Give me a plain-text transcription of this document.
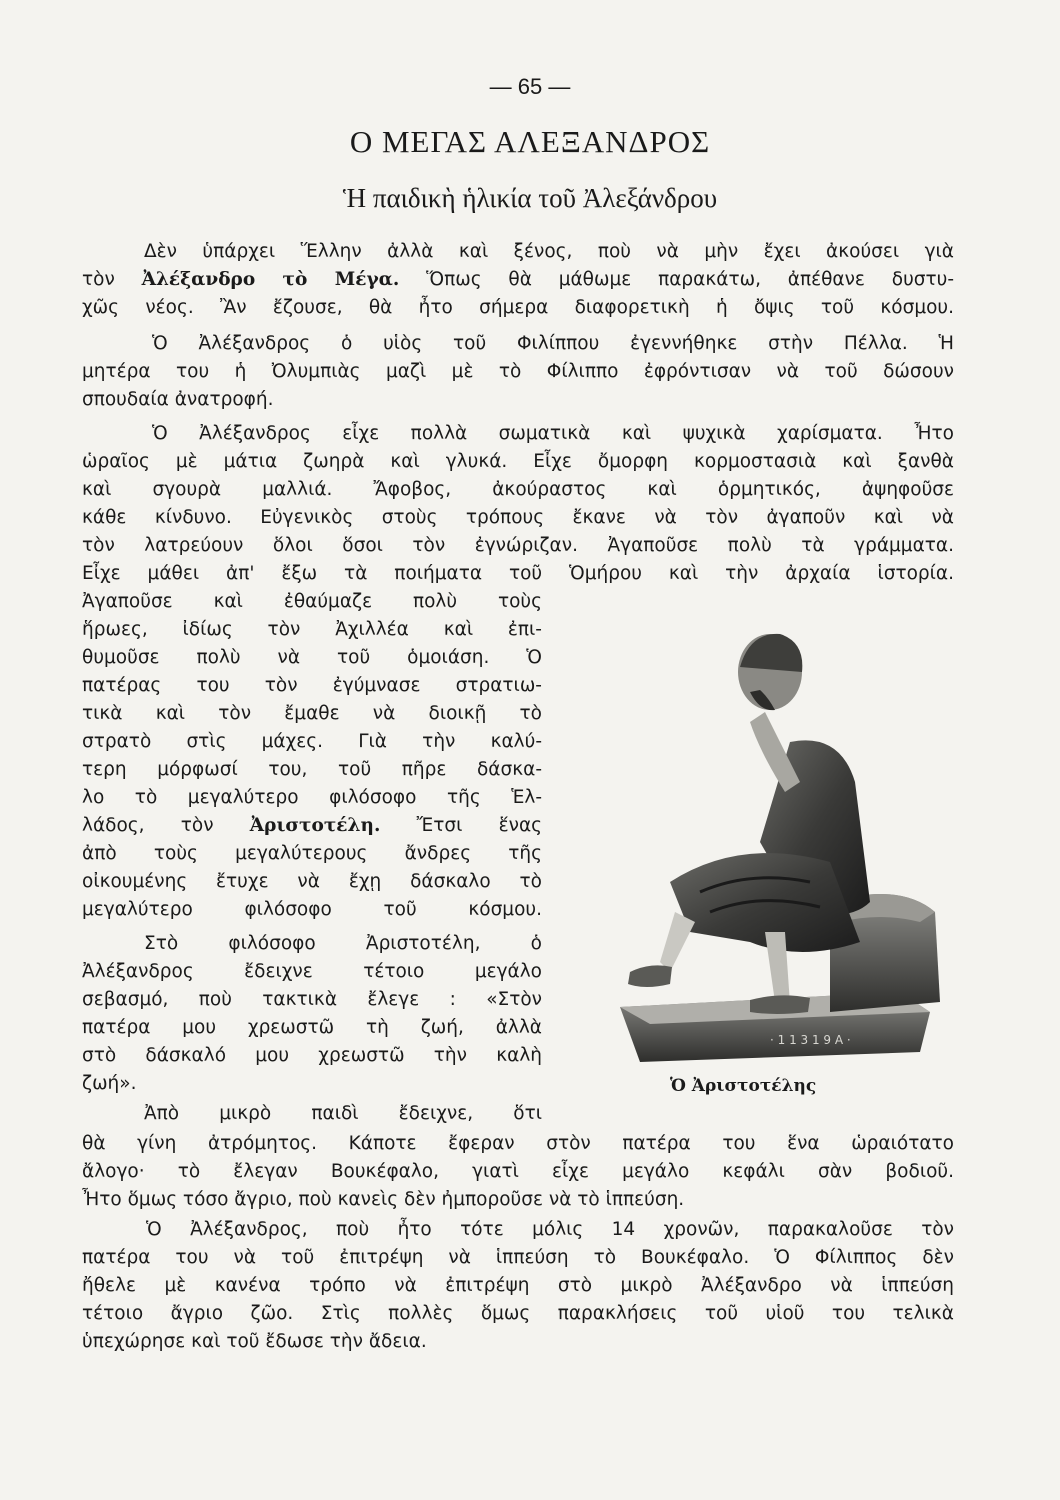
— 65 —
Ο ΜΕΓΑΣ ΑΛΕΞΑΝΔΡΟΣ
Ἡ παιδικὴ ἡλικία τοῦ Ἀλεξάνδρου
Δὲν ὑπάρχει Ἕλλην ἀλλὰ καὶ ξένος, ποὺ νὰ μὴν ἔχει ἀκούσει γιὰ
τὸν Ἀλέξανδρο τὸ Μέγα. Ὅπως θὰ μάθωμε παρακάτω, ἀπέθανε δυστυ-
χῶς νέος. Ἂν ἔζουσε, θὰ ἦτο σήμερα διαφορετικὴ ἡ ὄψις τοῦ κόσμου.
Ὁ Ἀλέξανδρος ὁ υἱὸς τοῦ Φιλίππου ἐγεννήθηκε στὴν Πέλλα. Ἡ
μητέρα του ἡ Ὀλυμπιὰς μαζὶ μὲ τὸ Φίλιππο ἐφρόντισαν νὰ τοῦ δώσουν
σπουδαία ἀνατροφή.
Ὁ Ἀλέξανδρος εἶχε πολλὰ σωματικὰ καὶ ψυχικὰ χαρίσματα. Ἦτο
ὡραῖος μὲ μάτια ζωηρὰ καὶ γλυκά. Εἶχε ὄμορφη κορμοστασιὰ καὶ ξανθὰ
καὶ σγουρὰ μαλλιά. Ἄφοβος, ἀκούραστος καὶ ὁρμητικός, ἀψηφοῦσε
κάθε κίνδυνο. Εὐγενικὸς στοὺς τρόπους ἔκανε νὰ τὸν ἀγαποῦν καὶ νὰ
τὸν λατρεύουν ὅλοι ὅσοι τὸν ἐγνώριζαν. Ἀγαποῦσε πολὺ τὰ γράμματα.
Εἶχε μάθει ἀπ' ἔξω τὰ ποιήματα τοῦ Ὁμήρου καὶ τὴν ἀρχαία ἱστορία.
Ἀγαποῦσε καὶ ἐθαύμαζε πολὺ τοὺς
ἥρωες, ἰδίως τὸν Ἀχιλλέα καὶ ἐπι-
θυμοῦσε πολὺ νὰ τοῦ ὁμοιάση. Ὁ
πατέρας του τὸν ἐγύμνασε στρατιω-
τικὰ καὶ τὸν ἔμαθε νὰ διοικῇ τὸ
στρατὸ στὶς μάχες. Γιὰ τὴν καλύ-
τερη μόρφωσί του, τοῦ πῆρε δάσκα-
λο τὸ μεγαλύτερο φιλόσοφο τῆς Ἑλ-
λάδος, τὸν Ἀριστοτέλη. Ἔτσι ἕνας
ἀπὸ τοὺς μεγαλύτερους ἄνδρες τῆς
οἰκουμένης ἔτυχε νὰ ἔχῃ δάσκαλο τὸ
μεγαλύτερο φιλόσοφο τοῦ κόσμου.
Στὸ φιλόσοφο Ἀριστοτέλη, ὁ
Ἀλέξανδρος ἔδειχνε τέτοιο μεγάλο
σεβασμό, ποὺ τακτικὰ ἔλεγε : «Στὸν
πατέρα μου χρεωστῶ τὴ ζωή, ἀλλὰ
στὸ δάσκαλό μου χρεωστῶ τὴν καλὴ
ζωή».
Ἀπὸ μικρὸ παιδὶ ἔδειχνε, ὅτι
θὰ γίνη ἀτρόμητος. Κάποτε ἔφεραν στὸν πατέρα του ἕνα ὡραιότατο
ἄλογο· τὸ ἔλεγαν Βουκέφαλο, γιατὶ εἶχε μεγάλο κεφάλι σὰν βοδιοῦ.
Ἦτο ὅμως τόσο ἄγριο, ποὺ κανεὶς δὲν ἠμποροῦσε νὰ τὸ ἱππεύση.
Ὁ Ἀλέξανδρος, ποὺ ἦτο τότε μόλις 14 χρονῶν, παρακαλοῦσε τὸν
πατέρα του νὰ τοῦ ἐπιτρέψη νὰ ἱππεύση τὸ Βουκέφαλο. Ὁ Φίλιππος δὲν
ἤθελε μὲ κανένα τρόπο νὰ ἐπιτρέψη στὸ μικρὸ Ἀλέξανδρο νὰ ἱππεύση
τέτοιο ἄγριο ζῶο. Στὶς πολλὲς ὅμως παρακλήσεις τοῦ υἱοῦ του τελικὰ
ὑπεχώρησε καὶ τοῦ ἔδωσε τὴν ἄδεια.
· 1 1 3 1 9 A ·
Ὁ Ἀριστοτέλης
